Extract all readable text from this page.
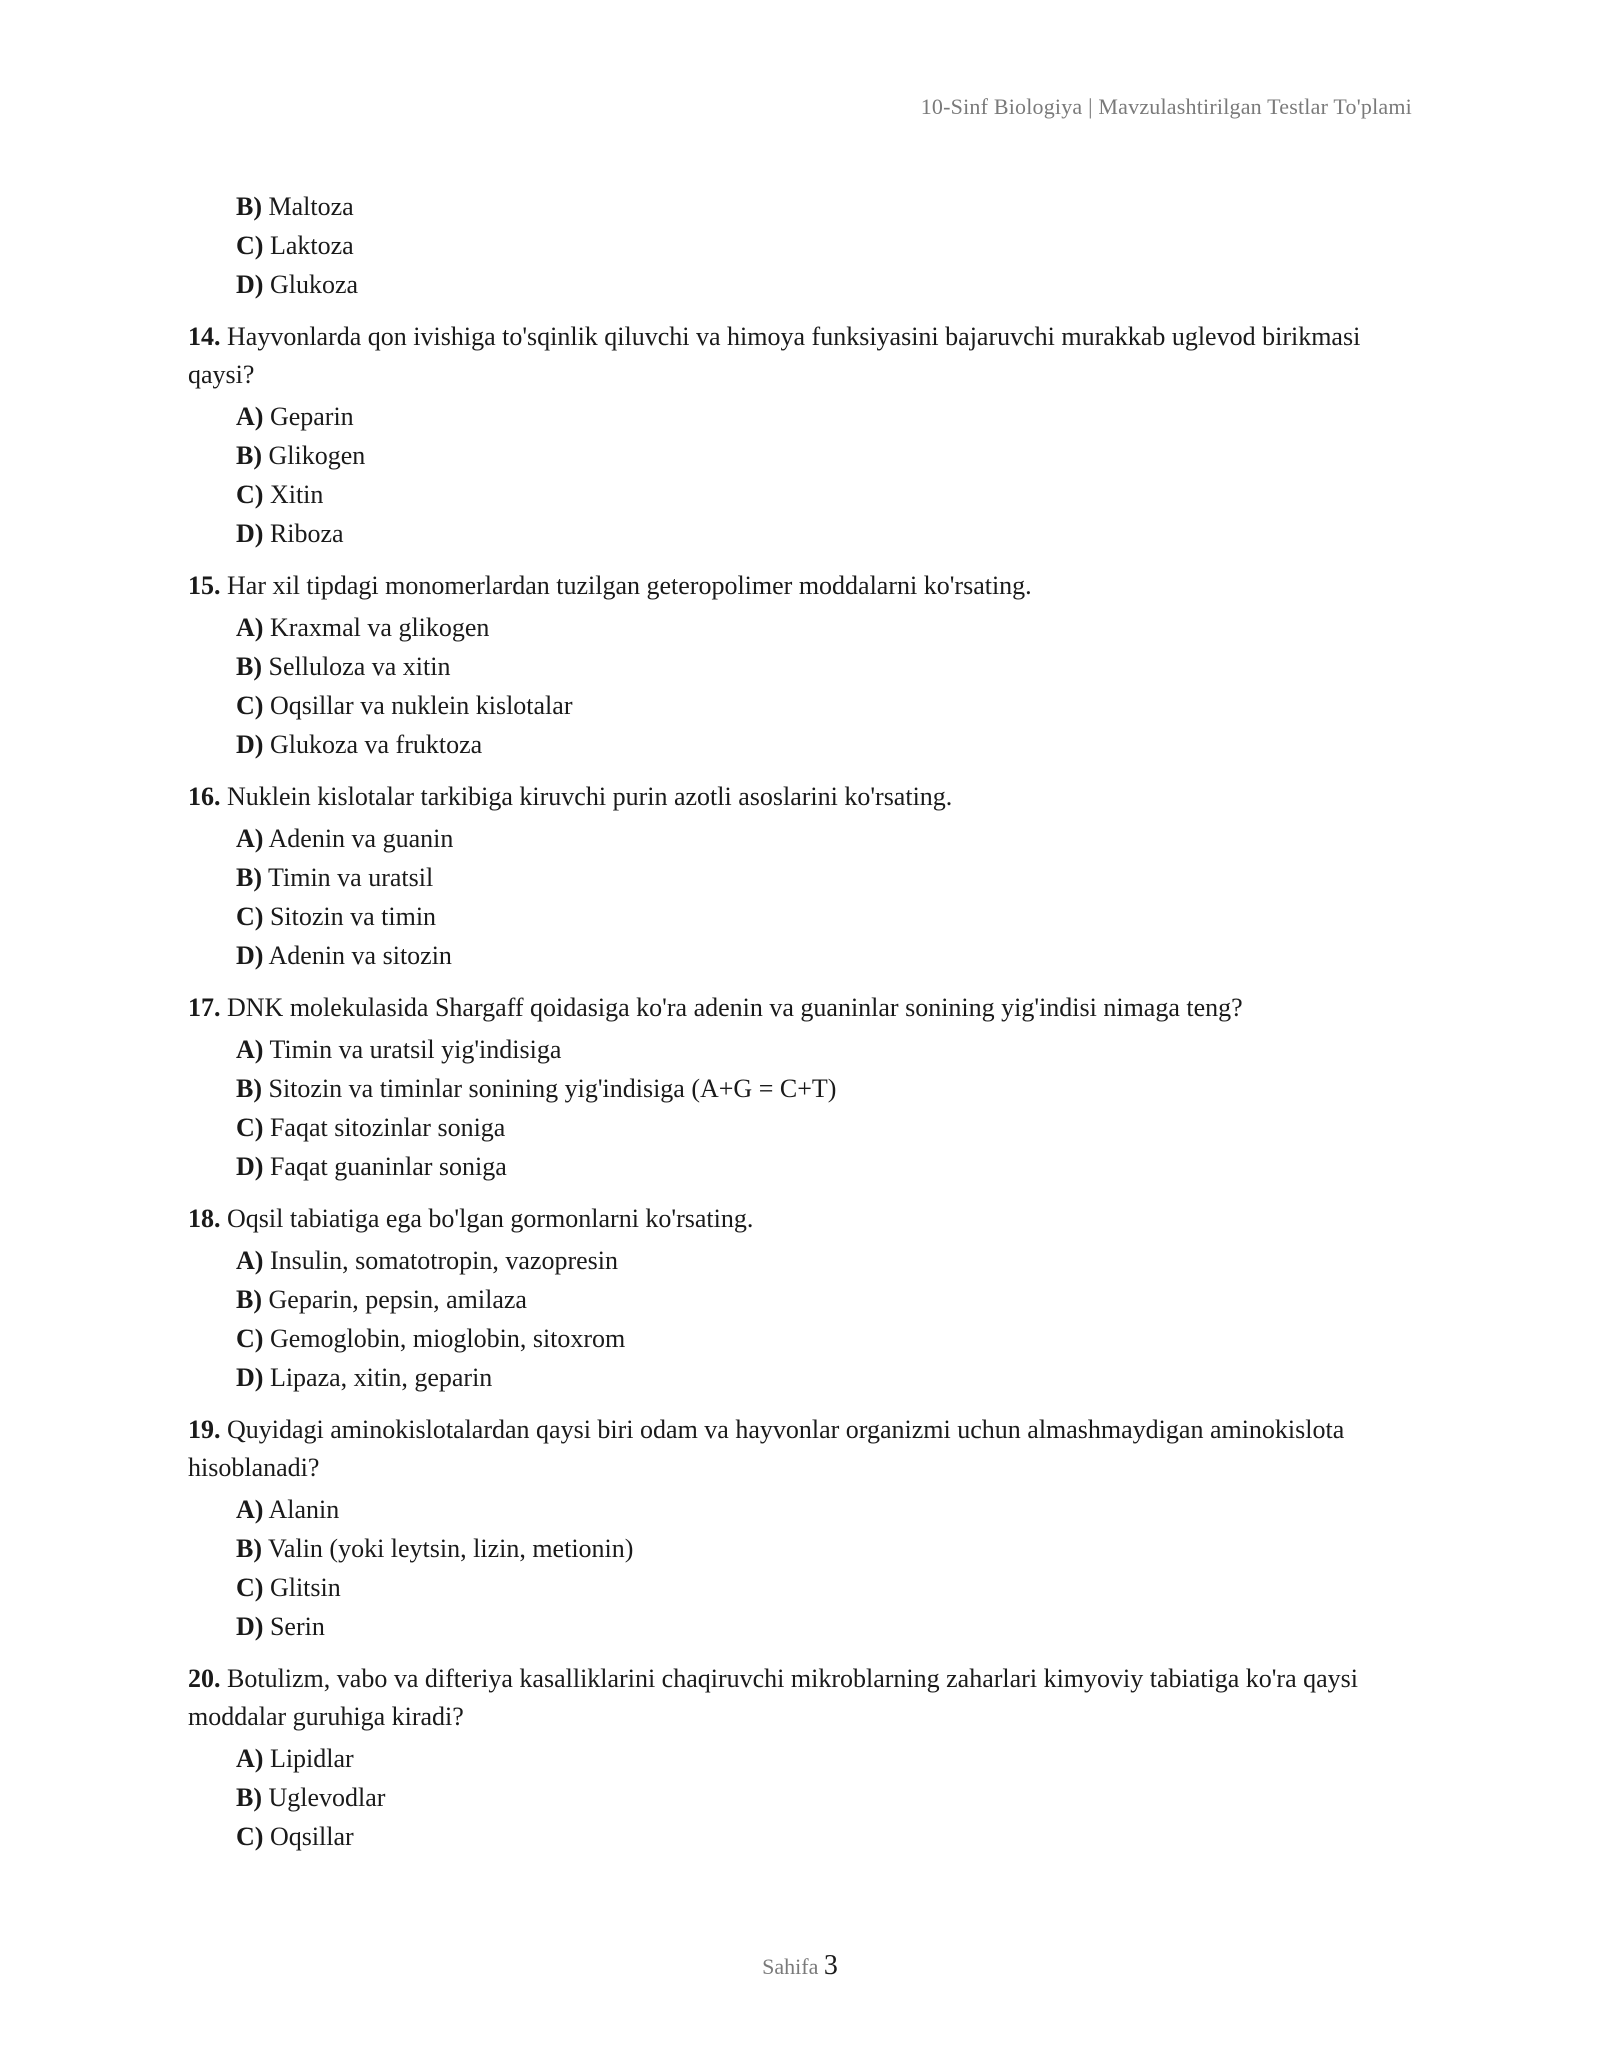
10-Sinf Biologiya | Mavzulashtirilgan Testlar To'plami
B) Maltoza
C) Laktoza
D) Glukoza
14. Hayvonlarda qon ivishiga to'sqinlik qiluvchi va himoya funksiyasini bajaruvchi murakkab uglevod birikmasi qaysi?
A) Geparin
B) Glikogen
C) Xitin
D) Riboza
15. Har xil tipdagi monomerlardan tuzilgan geteropolimer moddalarni ko'rsating.
A) Kraxmal va glikogen
B) Selluloza va xitin
C) Oqsillar va nuklein kislotalar
D) Glukoza va fruktoza
16. Nuklein kislotalar tarkibiga kiruvchi purin azotli asoslarini ko'rsating.
A) Adenin va guanin
B) Timin va uratsil
C) Sitozin va timin
D) Adenin va sitozin
17. DNK molekulasida Shargaff qoidasiga ko'ra adenin va guaninlar sonining yig'indisi nimaga teng?
A) Timin va uratsil yig'indisiga
B) Sitozin va timinlar sonining yig'indisiga (A+G = C+T)
C) Faqat sitozinlar soniga
D) Faqat guaninlar soniga
18. Oqsil tabiatiga ega bo'lgan gormonlarni ko'rsating.
A) Insulin, somatotropin, vazopresin
B) Geparin, pepsin, amilaza
C) Gemoglobin, mioglobin, sitoxrom
D) Lipaza, xitin, geparin
19. Quyidagi aminokislotalardan qaysi biri odam va hayvonlar organizmi uchun almashmaydigan aminokislota hisoblanadi?
A) Alanin
B) Valin (yoki leytsin, lizin, metionin)
C) Glitsin
D) Serin
20. Botulizm, vabo va difteriya kasalliklarini chaqiruvchi mikroblarning zaharlari kimyoviy tabiatiga ko'ra qaysi moddalar guruhiga kiradi?
A) Lipidlar
B) Uglevodlar
C) Oqsillar
Sahifa 3
